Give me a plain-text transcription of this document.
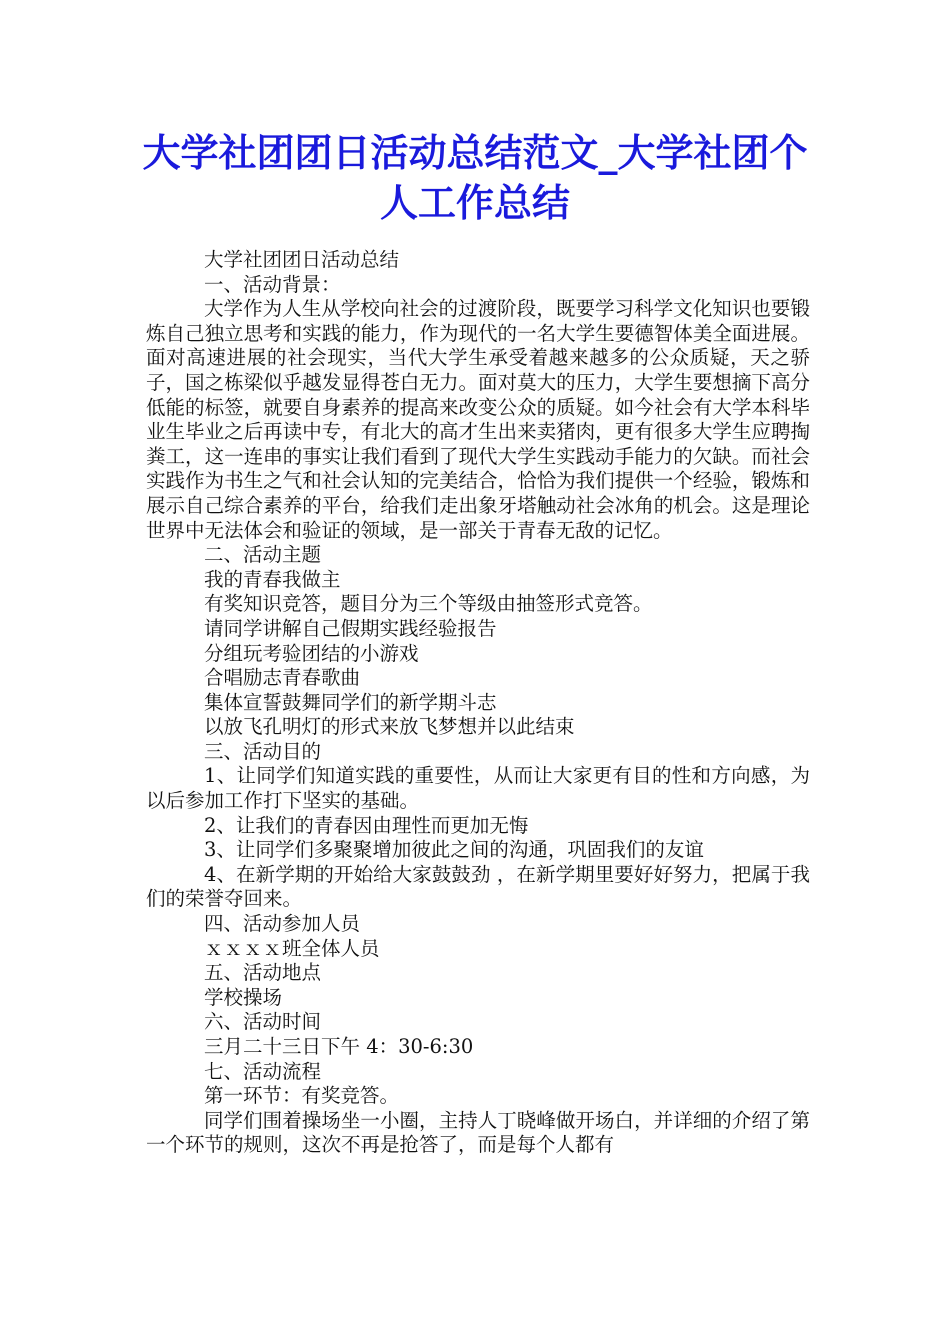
大学社团团日活动总结范文_大学社团个人工作总结

大学社团团日活动总结

一、活动背景：

大学作为人生从学校向社会的过渡阶段，既要学习科学文化知识也要锻炼自己独立思考和实践的能力，作为现代的一名大学生要德智体美全面进展。面对高速进展的社会现实，当代大学生承受着越来越多的公众质疑，天之骄子，国之栋梁似乎越发显得苍白无力。面对莫大的压力，大学生要想摘下高分低能的标签，就要自身素养的提高来改变公众的质疑。如今社会有大学本科毕业生毕业之后再读中专，有北大的高才生出来卖猪肉，更有很多大学生应聘掏粪工，这一连串的事实让我们看到了现代大学生实践动手能力的欠缺。而社会实践作为书生之气和社会认知的完美结合，恰恰为我们提供一个经验，锻炼和展示自己综合素养的平台，给我们走出象牙塔触动社会冰角的机会。这是理论世界中无法体会和验证的领域，是一部关于青春无敌的记忆。

二、活动主题

我的青春我做主

有奖知识竞答，题目分为三个等级由抽签形式竞答。

请同学讲解自己假期实践经验报告

分组玩考验团结的小游戏

合唱励志青春歌曲

集体宣誓鼓舞同学们的新学期斗志

以放飞孔明灯的形式来放飞梦想并以此结束

三、活动目的

1、让同学们知道实践的重要性，从而让大家更有目的性和方向感，为以后参加工作打下坚实的基础。

2、让我们的青春因由理性而更加无悔

3、让同学们多聚聚增加彼此之间的沟通，巩固我们的友谊

4、在新学期的开始给大家鼓鼓劲 ，在新学期里要好好努力，把属于我们的荣誉夺回来。

四、活动参加人员

ｘｘｘｘ班全体人员

五、活动地点

学校操场

六、活动时间

三月二十三日下午 4：30-6:30

七、活动流程

第一环节：有奖竞答。

同学们围着操场坐一小圈，主持人丁晓峰做开场白，并详细的介绍了第一个环节的规则，这次不再是抢答了，而是每个人都有
